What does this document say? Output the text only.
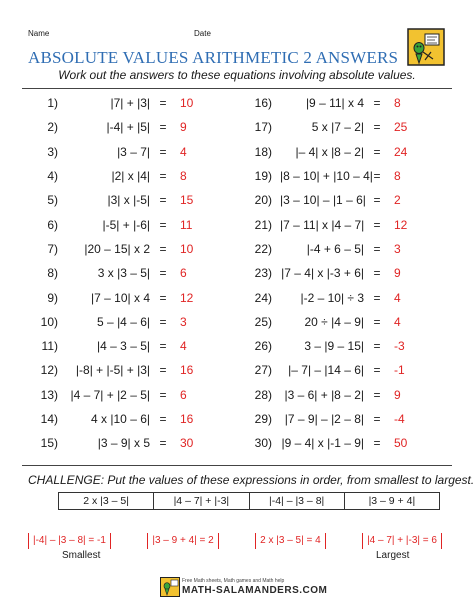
Name	Date
ABSOLUTE VALUES ARITHMETIC 2 ANSWERS
Work out the answers to these equations involving absolute values.
1)	|7| + |3| =	10
2)	|-4| + |5| =	9
3)	|3 – 7| =	4
4)	|2| x |4| =	8
5)	|3| x |-5| =	15
6)	|-5| + |-6| =	11
7)	|20 – 15| x 2 =	10
8)	3 x |3 – 5| =	6
9)	|7 – 10| x 4 =	12
10)	5 – |4 – 6| =	3
11)	|4 – 3 – 5| =	4
12)	|-8| + |-5| + |3| =	16
13)	|4 – 7| + |2 – 5| =	6
14)	4 x |10 – 6| =	16
15)	|3 – 9| x 5 =	30
16)	|9 – 11| x 4 =	8
17)	5 x |7 – 2| =	25
18)	|– 4| x |8 – 2| =	24
19) |8 – 10| + |10 – 4| =	8
20) |3 – 10| – |1 – 6| =	2
21) |7 – 11| x |4 – 7| =	12
22)	|-4 + 6 – 5| =	3
23) |7 – 4| x |-3 + 6| =	9
24)	|-2 – 10| ÷ 3 =	4
25)	20 ÷ |4 – 9| =	4
26)	3 – |9 – 15| =	-3
27)	|– 7| – |14 – 6| =	-1
28)	|3 – 6| + |8 – 2| =	9
29)	|7 – 9| – |2 – 8| =	-4
30) |9 – 4| x |-1 – 9| =	50
CHALLENGE: Put the values of these expressions in order, from smallest to largest.
2 x |3 – 5|	|4 – 7| + |-3|	|-4| – |3 – 8|	|3 – 9 + 4|
|-4| – |3 – 8| = -1	|3 – 9 + 4| = 2	2 x |3 – 5| = 4	|4 – 7| + |-3| = 6
Smallest	Largest
Free Math sheets, Math games and Math help
MATH-SALAMANDERS.COM
